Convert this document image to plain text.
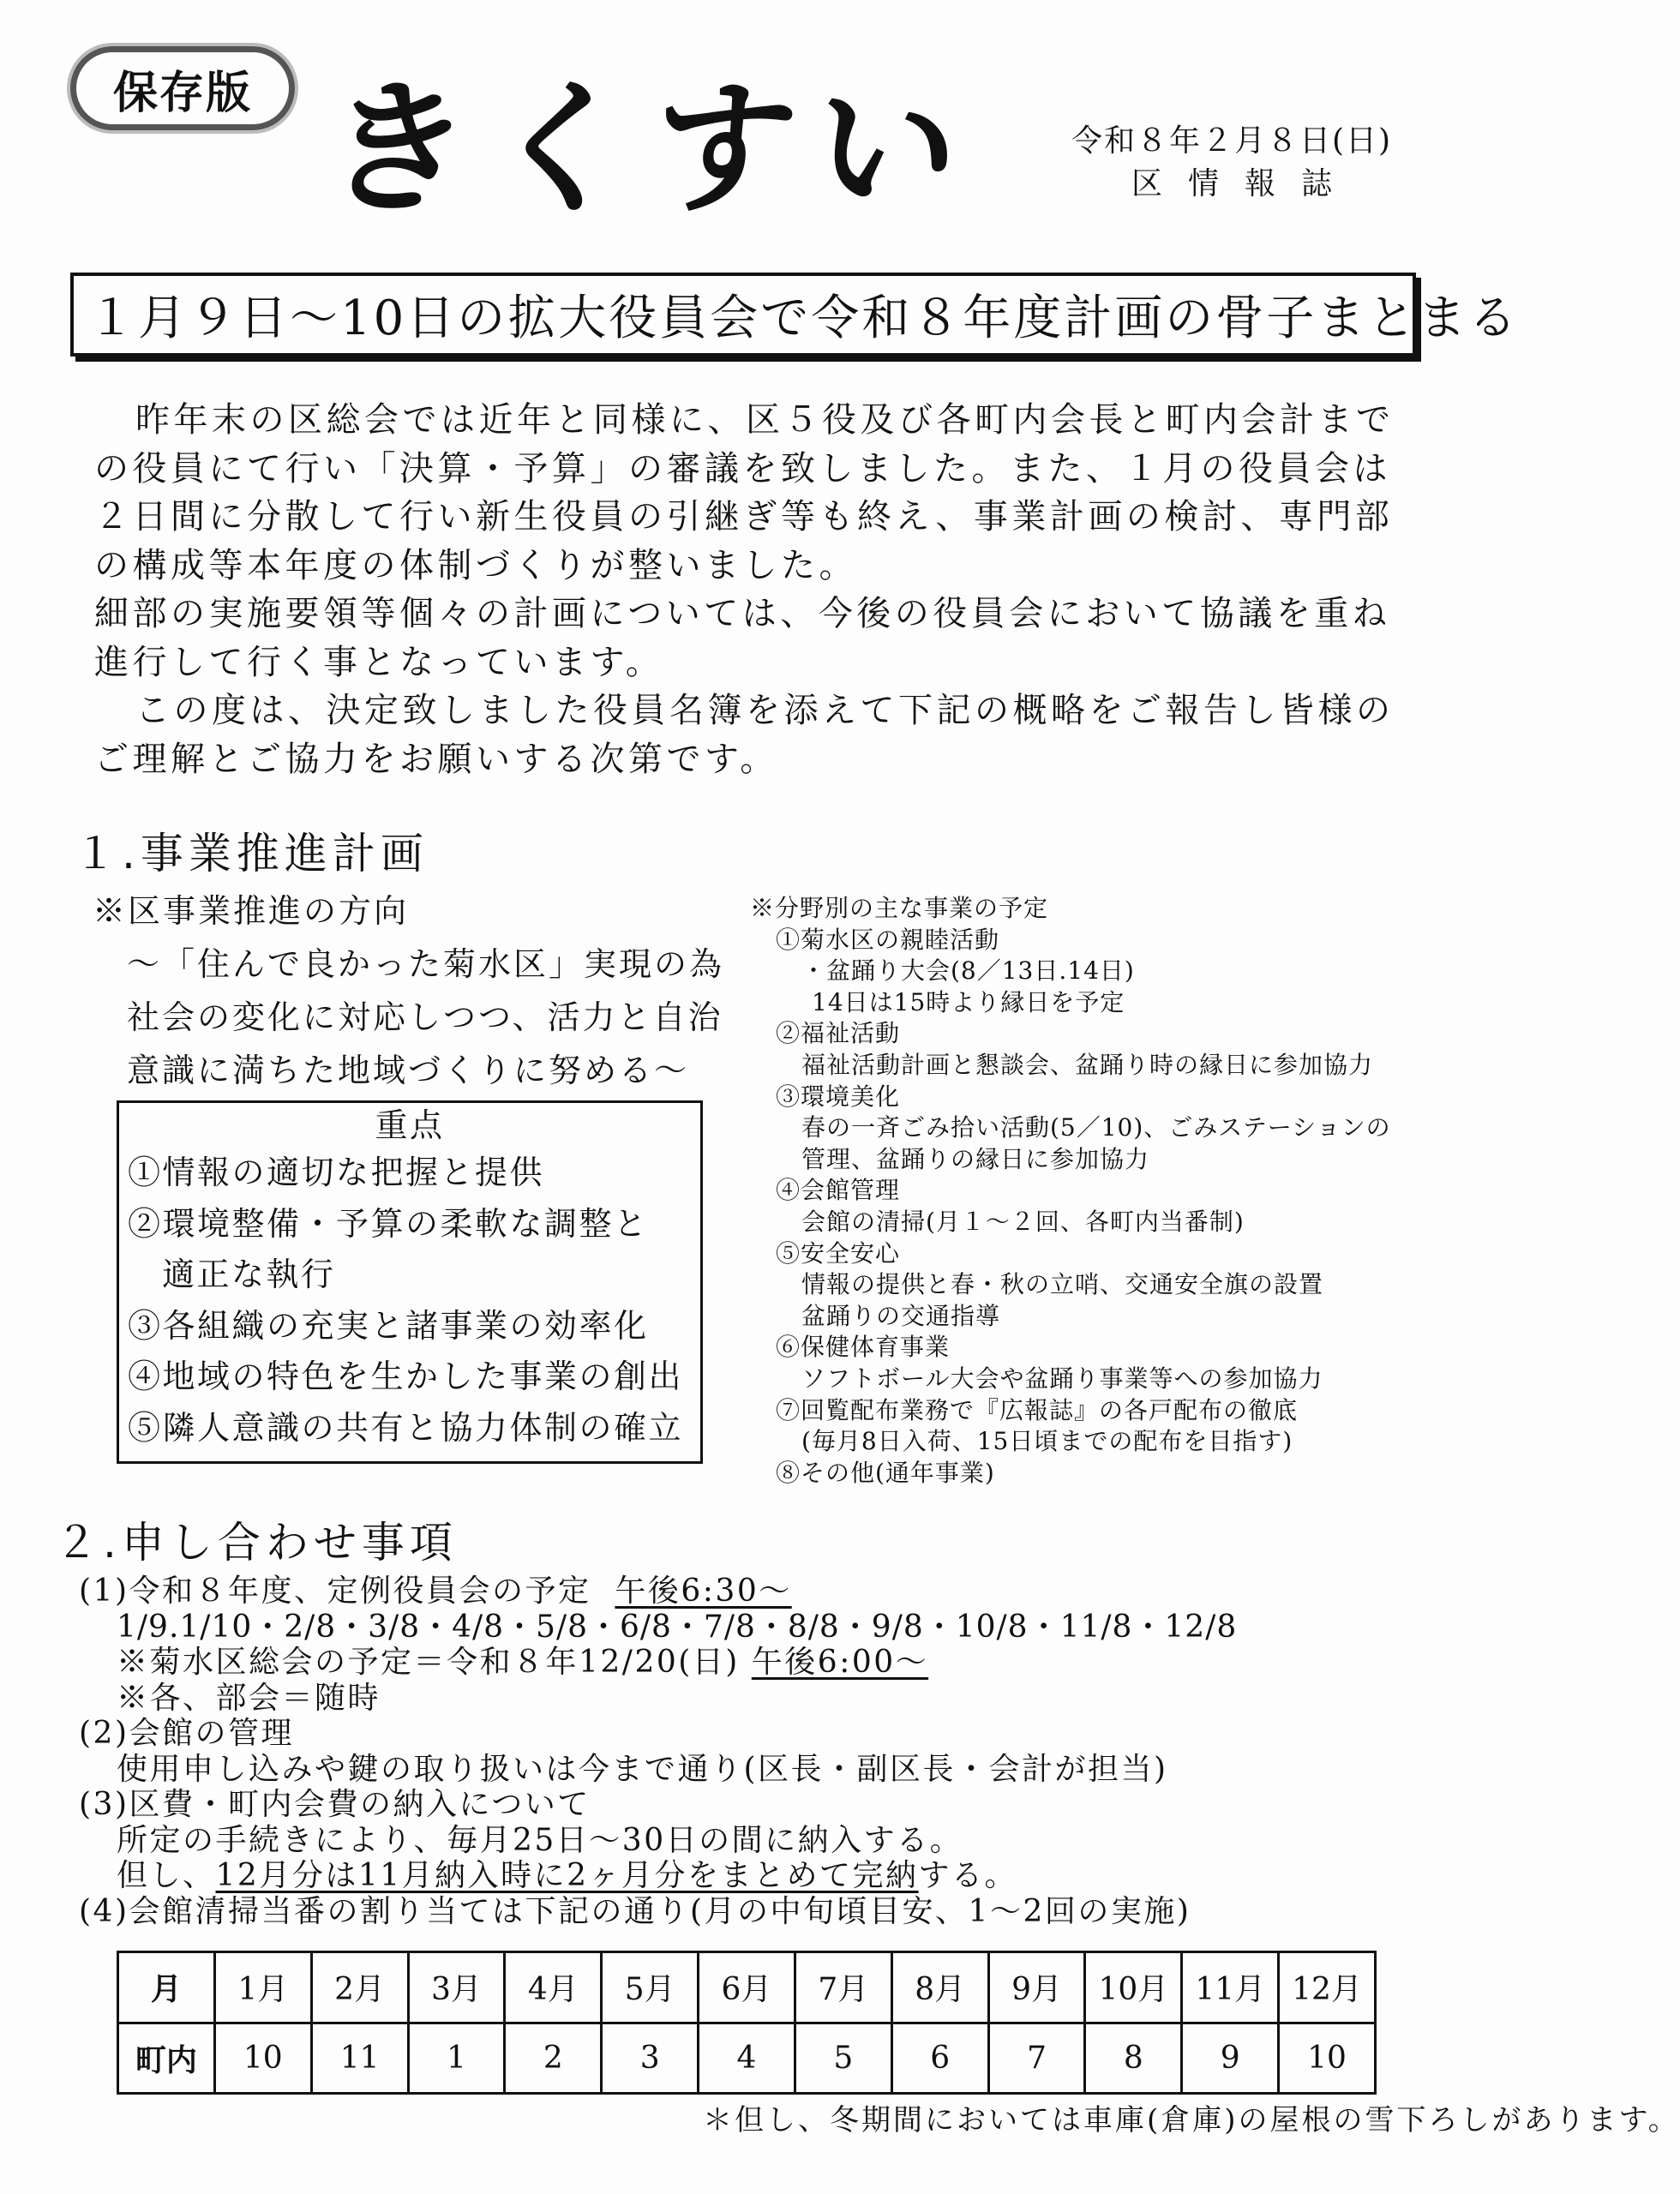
保存版 きくすい	令和８年２月８日(日)
区情報誌
１月９日～10日の拡大役員会で令和８年度計画の骨子まとまる

昨年末の区総会では近年と同様に、区５役及び各町内会長と町内会計までの役員にて行い「決算・予算」の審議を致しました。また、１月の役員会は２日間に分散して行い新生役員の引継ぎ等も終え、事業計画の検討、専門部の構成等本年度の体制づくりが整いました。

細部の実施要領等個々の計画については、今後の役員会において協議を重ね進行して行く事となっています。

この度は、決定致しました役員名簿を添えて下記の概略をご報告し皆様のご理解とご協力をお願いする次第です。

１.事業推進計画
※区事業推進の方向
～「住んで良かった菊水区」実現の為
社会の変化に対応しつつ、活力と自治
意識に満ちた地域づくりに努める～
重点
①情報の適切な把握と提供
②環境整備・予算の柔軟な調整と
適正な執行
③各組織の充実と諸事業の効率化
④地域の特色を生かした事業の創出
⑤隣人意識の共有と協力体制の確立
※分野別の主な事業の予定
①菊水区の親睦活動
・盆踊り大会(8／13日.14日)
14日は15時より縁日を予定
②福祉活動
福祉活動計画と懇談会、盆踊り時の縁日に参加協力
③環境美化
春の一斉ごみ拾い活動(5／10)、ごみステーションの
管理、盆踊りの縁日に参加協力
④会館管理
会館の清掃(月１～２回、各町内当番制)
⑤安全安心
情報の提供と春・秋の立哨、交通安全旗の設置
盆踊りの交通指導
⑥保健体育事業
ソフトボール大会や盆踊り事業等への参加協力
⑦回覧配布業務で『広報誌』の各戸配布の徹底
(毎月8日入荷、15日頃までの配布を目指す)
⑧その他(通年事業)
２.申し合わせ事項
(1)令和８年度、定例役員会の予定 午後6:30～
1/9.1/10・2/8・3/8・4/8・5/8・6/8・7/8・8/8・9/8・10/8・11/8・12/8
※菊水区総会の予定＝令和８年12/20(日) 午後6:00～
※各、部会＝随時
(2)会館の管理
使用申し込みや鍵の取り扱いは今まで通り(区長・副区長・会計が担当)
(3)区費・町内会費の納入について
所定の手続きにより、毎月25日～30日の間に納入する。
但し、12月分は11月納入時に2ヶ月分をまとめて完納する。
(4)会館清掃当番の割り当ては下記の通り(月の中旬頃目安、1～2回の実施)
月	1月	2月	3月	4月	5月	6月	7月	8月	9月	10月	11月	12月
町内	10	11	1	2	3	4	5	6	7	8	9	10
＊但し、冬期間においては車庫(倉庫)の屋根の雪下ろしがあります。
